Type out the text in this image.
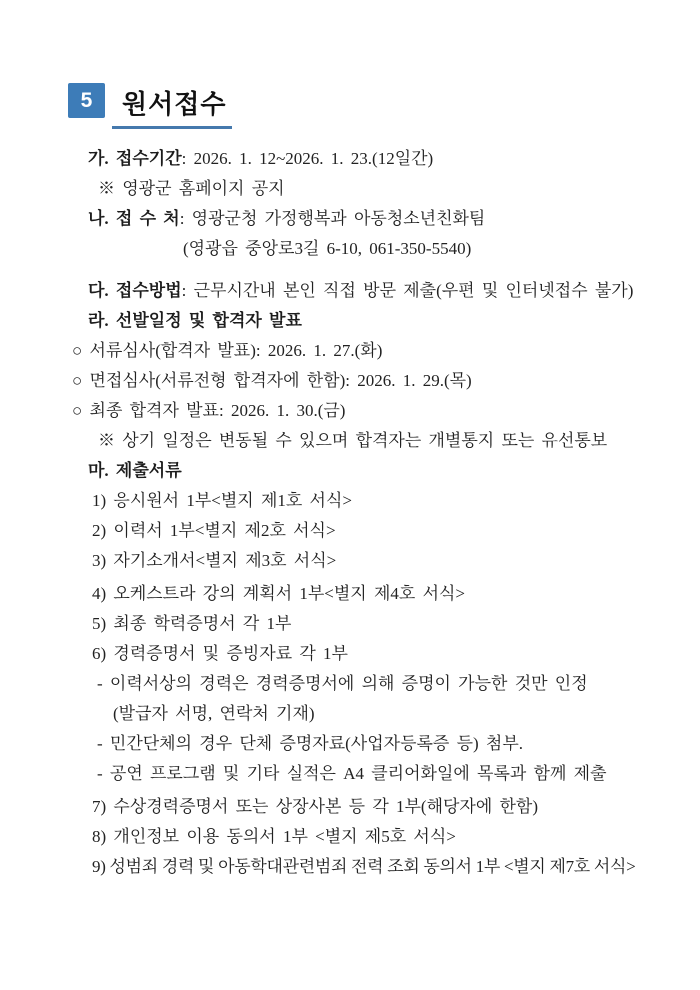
5	원서접수
가. 접수기간: 2026. 1. 12~2026. 1. 23.(12일간)
※ 영광군 홈페이지 공지
나. 접 수 처: 영광군청 가정행복과 아동청소년친화팀
(영광읍 중앙로3길 6-10, 061-350-5540)
다. 접수방법: 근무시간내 본인 직접 방문 제출(우편 및 인터넷접수 불가)
라. 선발일정 및 합격자 발표
○ 서류심사(합격자 발표): 2026. 1. 27.(화)
○ 면접심사(서류전형 합격자에 한함): 2026. 1. 29.(목)
○ 최종 합격자 발표: 2026. 1. 30.(금)
※ 상기 일정은 변동될 수 있으며 합격자는 개별통지 또는 유선통보
마. 제출서류
1) 응시원서 1부<별지 제1호 서식>
2) 이력서 1부<별지 제2호 서식>
3) 자기소개서<별지 제3호 서식>
4) 오케스트라 강의 계획서 1부<별지 제4호 서식>
5) 최종 학력증명서 각 1부
6) 경력증명서 및 증빙자료 각 1부
- 이력서상의 경력은 경력증명서에 의해 증명이 가능한 것만 인정
(발급자 서명, 연락처 기재)
- 민간단체의 경우 단체 증명자료(사업자등록증 등) 첨부.
- 공연 프로그램 및 기타 실적은 A4 클리어화일에 목록과 함께 제출
7) 수상경력증명서 또는 상장사본 등 각 1부(해당자에 한함)
8) 개인정보 이용 동의서 1부 <별지 제5호 서식>
9) 성범죄 경력 및 아동학대관련범죄 전력 조회 동의서 1부 <별지 제7호 서식>
